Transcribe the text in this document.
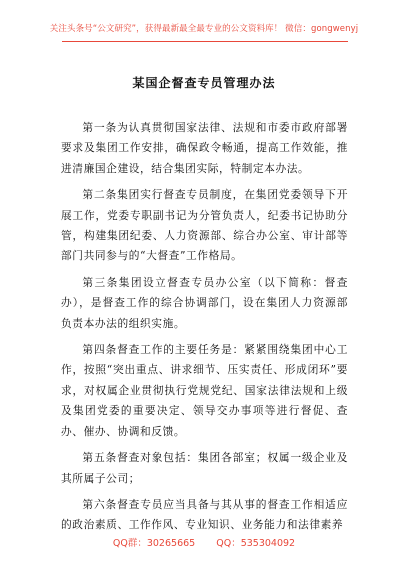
关注头条号“公文研究”，获得最新最全最专业的公文资料库！ 微信：gongwenyj
某国企督查专员管理办法

第一条为认真贯彻国家法律、法规和市委市政府部署要求及集团工作安排，确保政令畅通，提高工作效能，推进清廉国企建设，结合集团实际，特制定本办法。

第二条集团实行督查专员制度，在集团党委领导下开展工作，党委专职副书记为分管负责人，纪委书记协助分管，构建集团纪委、人力资源部、综合办公室、审计部等部门共同参与的“大督查”工作格局。

第三条集团设立督查专员办公室（以下简称：督查办），是督查工作的综合协调部门，设在集团人力资源部负责本办法的组织实施。

第四条督查工作的主要任务是：紧紧围绕集团中心工作，按照“突出重点、讲求细节、压实责任、形成闭环”要求，对权属企业贯彻执行党规党纪、国家法律法规和上级及集团党委的重要决定、领导交办事项等进行督促、查办、催办、协调和反馈。

第五条督查对象包括：集团各部室；权属一级企业及其所属子公司；

第六条督查专员应当具备与其从事的督查工作相适应的政治素质、工作作风、专业知识、业务能力和法律素养

QQ群：30265665 QQ：535304092
